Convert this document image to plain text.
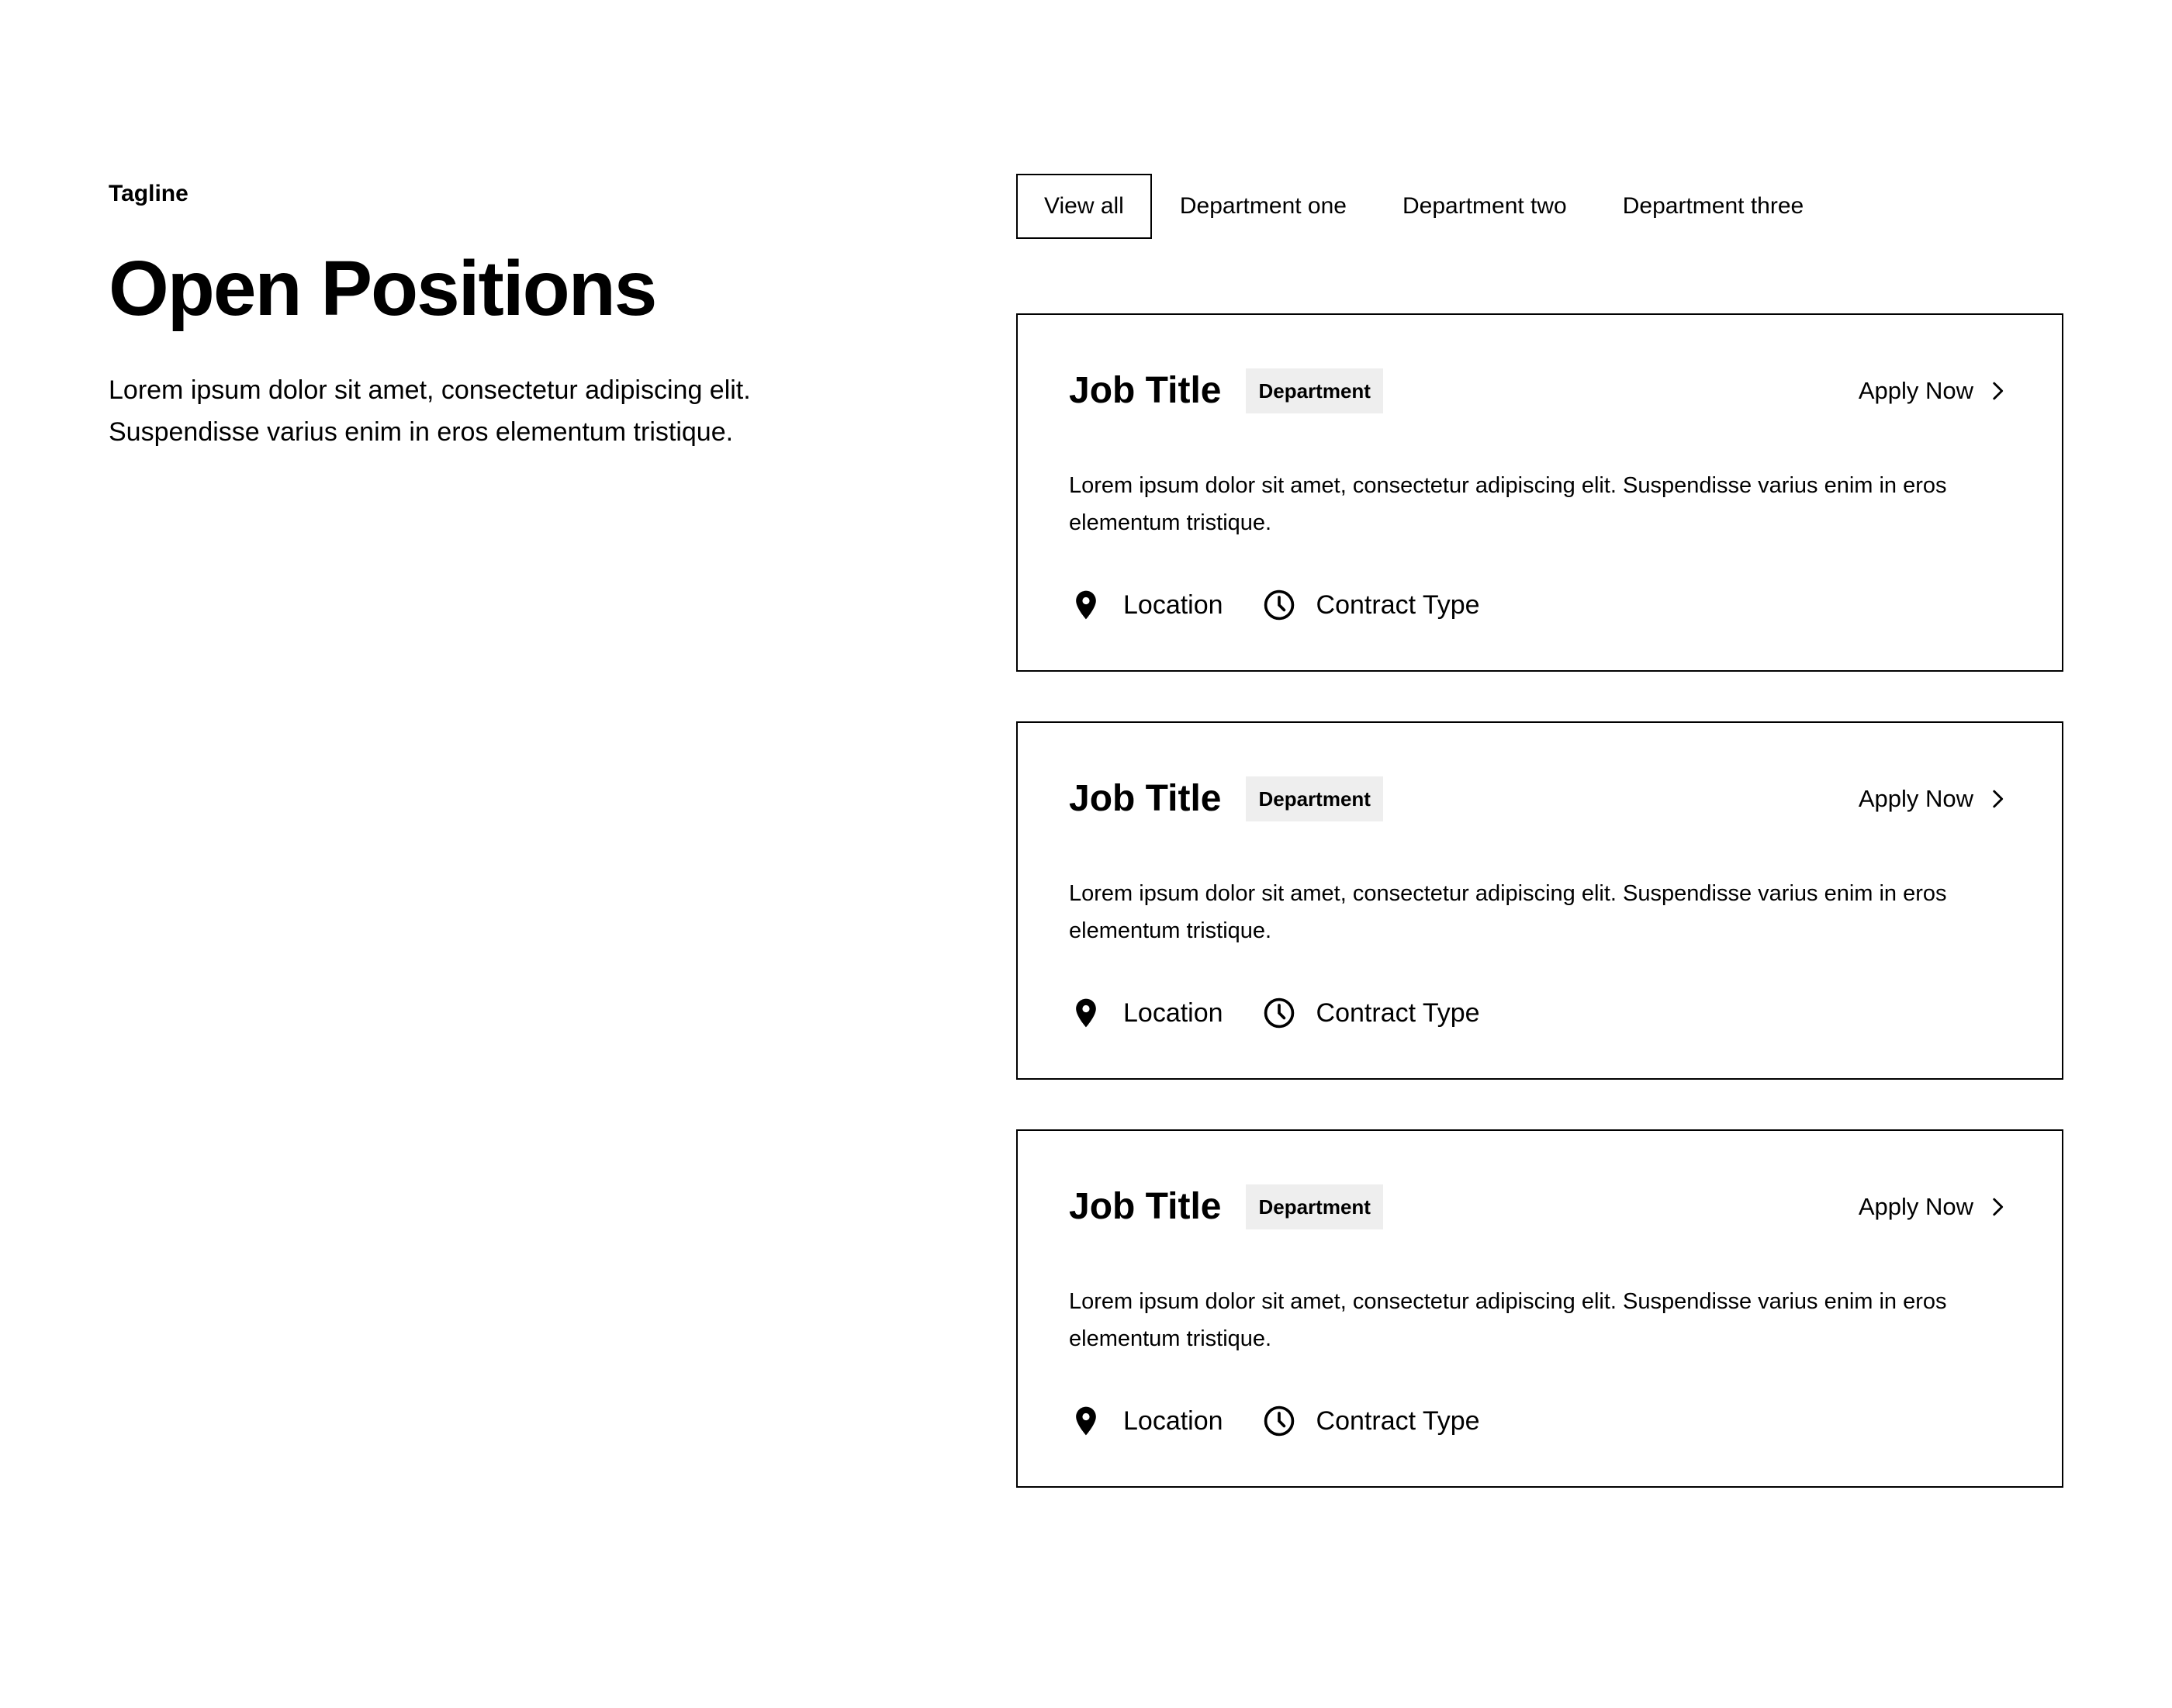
Tagline
Open Positions

Lorem ipsum dolor sit amet, consectetur adipiscing elit. Suspendisse varius enim in eros elementum tristique.

View all	Department one	Department two	Department three
Job Title	Department	Apply Now

Lorem ipsum dolor sit amet, consectetur adipiscing elit. Suspendisse varius enim in eros elementum tristique.

Location	Contract Type
Job Title	Department	Apply Now

Lorem ipsum dolor sit amet, consectetur adipiscing elit. Suspendisse varius enim in eros elementum tristique.

Location	Contract Type
Job Title	Department	Apply Now

Lorem ipsum dolor sit amet, consectetur adipiscing elit. Suspendisse varius enim in eros elementum tristique.

Location	Contract Type
